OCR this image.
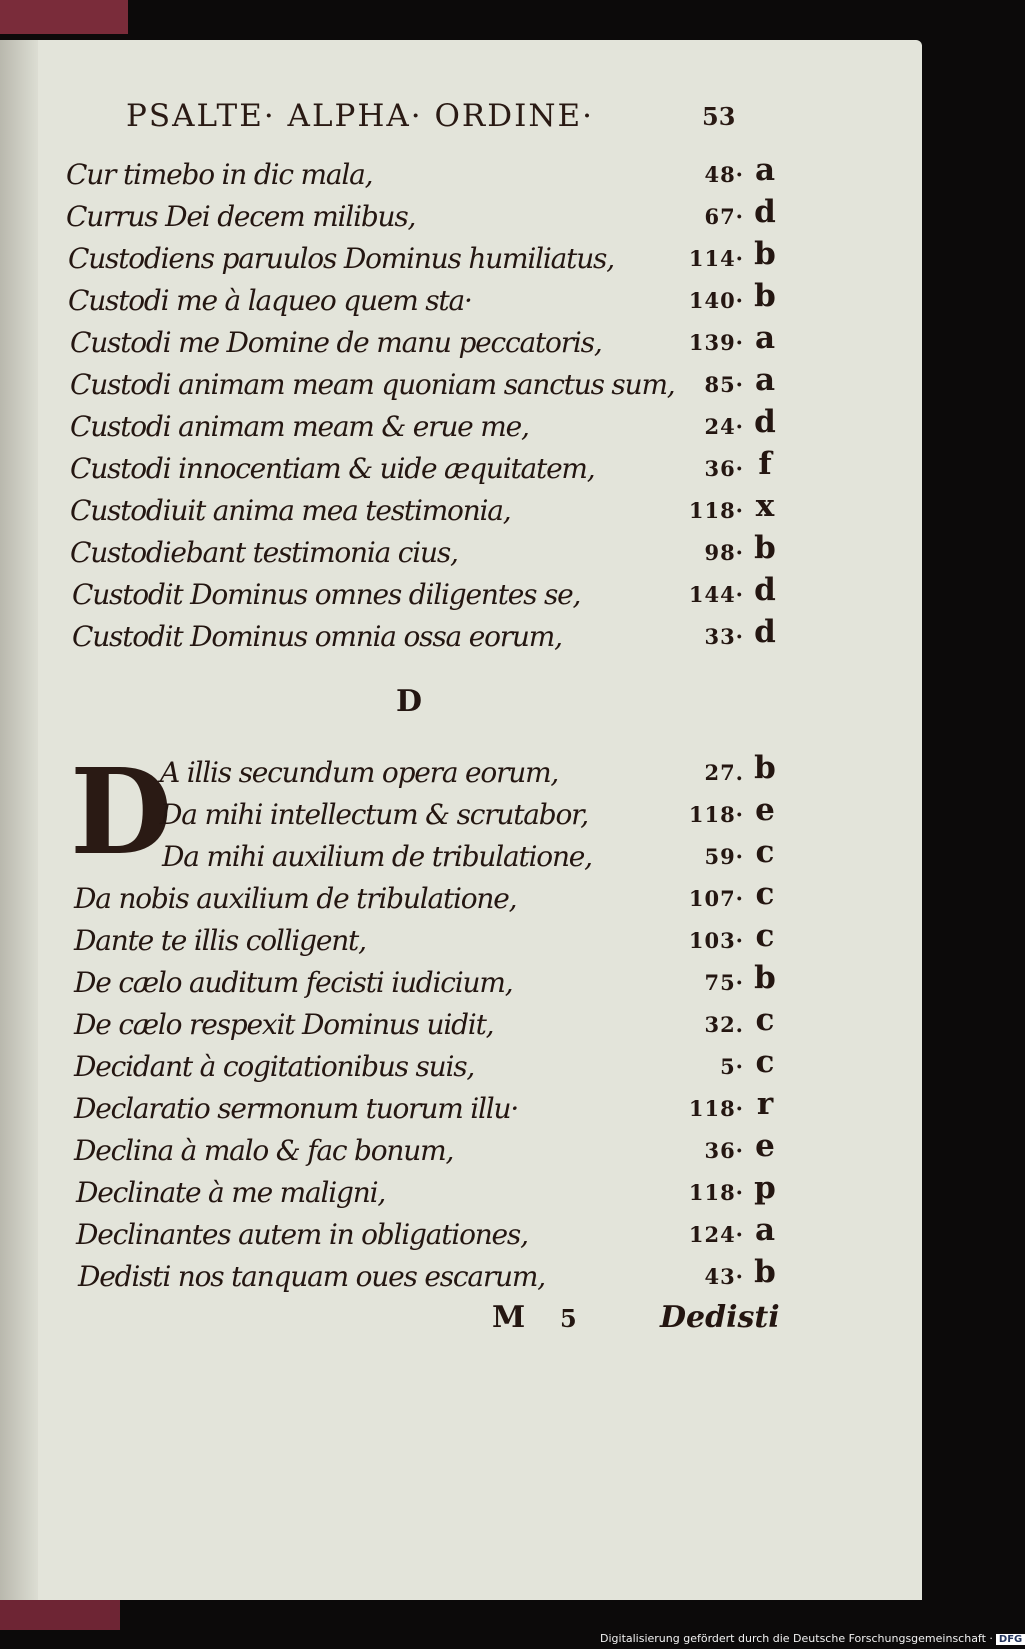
PSALTE· ALPHA· ORDINE·	53
Cur timebo in dic mala,	48· a
Currus Dei decem milibus,	67· d
Custodiens paruulos Dominus humiliatus,	114· b
Custodi me à laqueo quem sta·	140· b
Custodi me Domine de manu peccatoris,	139· a
Custodi animam meam quoniam sanctus sum, 85· a
Custodi animam meam & erue me,	24· d
Custodi innocentiam & uide æquitatem,	36· f
Custodiuit anima mea testimonia,	118· x
Custodiebant testimonia cius,	98· b
Custodit Dominus omnes diligentes se,	144· d
Custodit Dominus omnia ossa eorum,	33· d
D
D
A illis secundum opera eorum,	27. b
Da mihi intellectum & scrutabor,	118· e
Da mihi auxilium de tribulatione,	59· c
Da nobis auxilium de tribulatione,	107· c
Dante te illis colligent,	103· c
De cælo auditum fecisti iudicium,	75· b
De cælo respexit Dominus uidit,	32. c
Decidant à cogitationibus suis,	5· c
Declaratio sermonum tuorum illu·	118· r
Declina à malo & fac bonum,	36· e
Declinate à me maligni,	118· p
Declinantes autem in obligationes,	124· a
Dedisti nos tanquam oues escarum,	43· b
M 5	Dedisti
Digitalisierung gefördert durch die Deutsche Forschungsgemeinschaft · DFG
